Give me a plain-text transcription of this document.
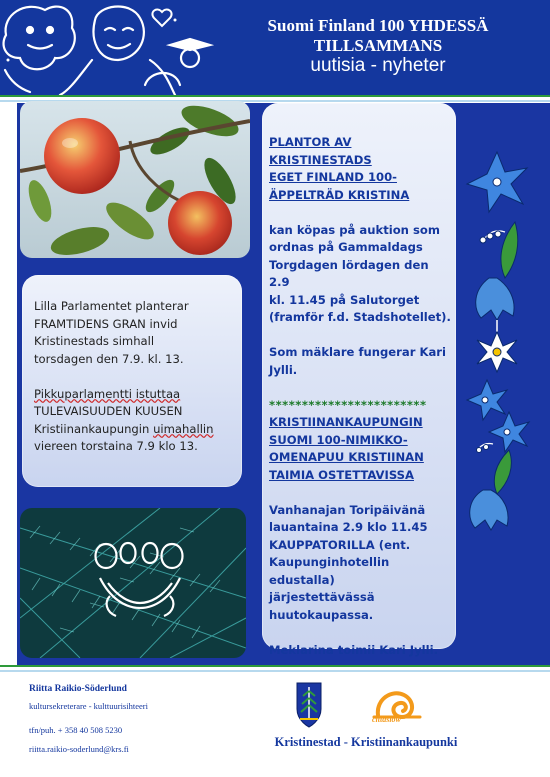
Suomi Finland 100 YHDESSÄ TILLSAMMANS
uutisia - nyheter

Lilla Parlamentet planterar

FRAMTIDENS GRAN invid

Kristinestads simhall

torsdagen den 7.9. kl. 13.

Pikkuparlamentti istuttaa

TULEVAISUUDEN KUUSEN

Kristiinankaupungin uimahallin

viereen torstaina 7.9 klo 13.

PLANTOR AV KRISTINESTADS

EGET FINLAND 100-

ÄPPELTRÄD KRISTINA

kan köpas på auktion som

ordnas på Gammaldags

Torgdagen lördagen den 2.9

kl. 11.45 på Salutorget

(framför f.d. Stadshotellet).

Som mäklare fungerar Kari

Jylli.

************************

KRISTIINANKAUPUNGIN

SUOMI 100-NIMIKKO-

OMENAPUU KRISTIINAN

TAIMIA OSTETTAVISSA

Vanhanajan Toripäivänä

lauantaina 2.9 klo 11.45

KAUPPATORILLA (ent.

Kaupunginhotellin edustalla)

järjestettävässä

huutokaupassa.

Meklarina toimii Kari Jylli.

Riitta Raikio-Söderlund
kultursekreterare - kulttuurisihteeri
tfn/puh. + 358 40 508 5230
riitta.raikio-soderlund@krs.fi
cittaslow
Kristinestad - Kristiinankaupunki
